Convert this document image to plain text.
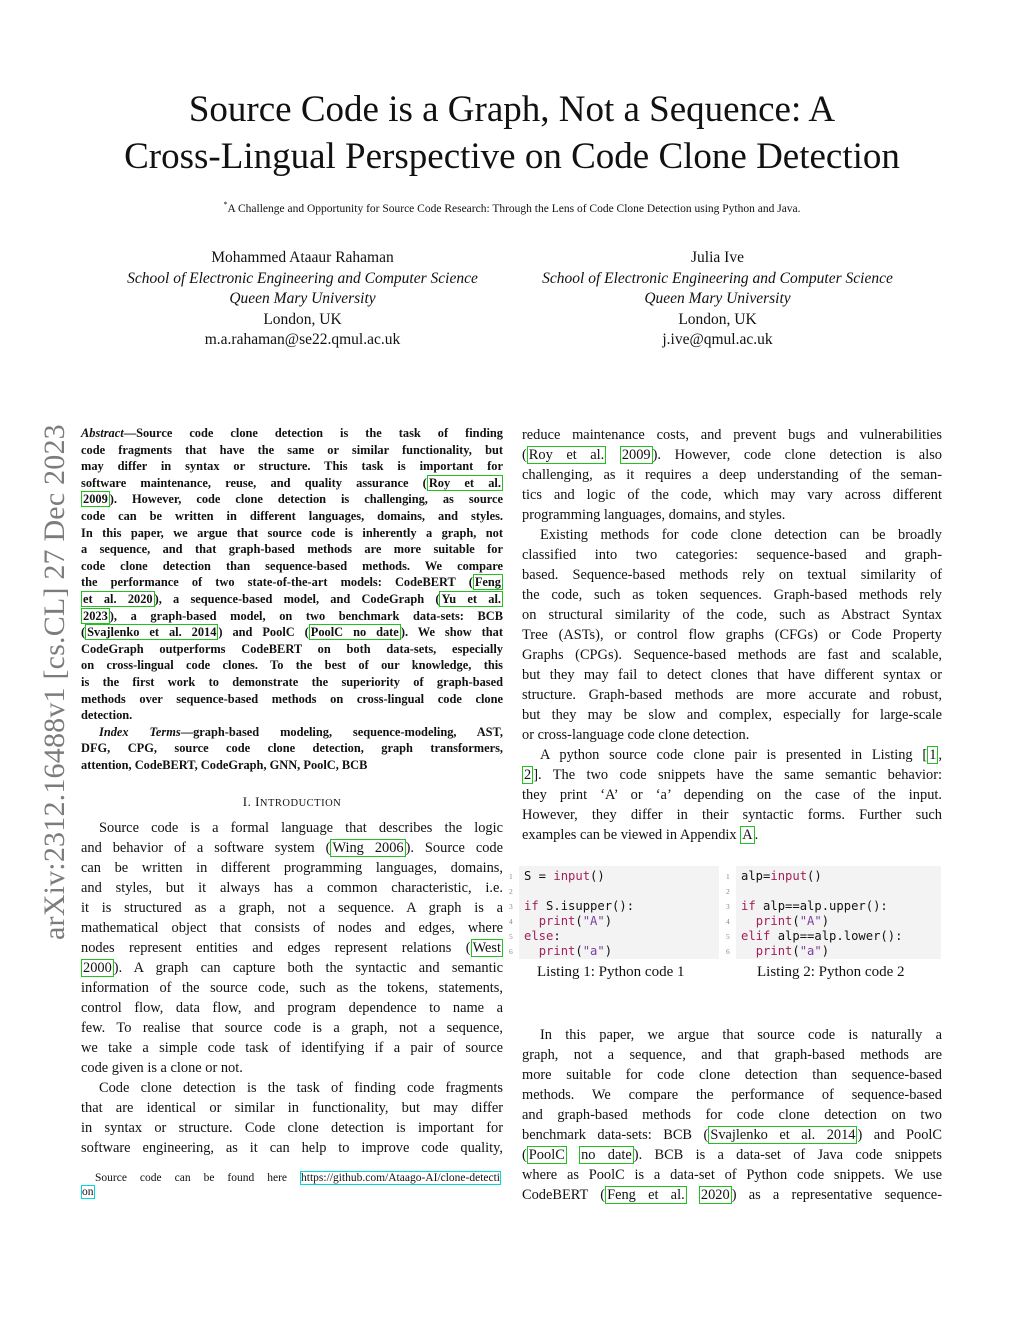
Source Code is a Graph, Not a Sequence: A
Cross-Lingual Perspective on Code Clone Detection
*A Challenge and Opportunity for Source Code Research: Through the Lens of Code Clone Detection using Python and Java.
Mohammed Ataaur Rahaman
School of Electronic Engineering and Computer Science
Queen Mary University
London, UK
m.a.rahaman@se22.qmul.ac.uk
Julia Ive
School of Electronic Engineering and Computer Science
Queen Mary University
London, UK
j.ive@qmul.ac.uk
arXiv:2312.16488v1 [cs.CL] 27 Dec 2023 Abstract—Source code clone detection is the task of finding
code fragments that have the same or similar functionality, but
may differ in syntax or structure. This task is important for
software maintenance, reuse, and quality assurance ( Roy et al.
2009 ). However, code clone detection is challenging, as source
code can be written in different languages, domains, and styles.
In this paper, we argue that source code is inherently a graph, not
a sequence, and that graph-based methods are more suitable for
code clone detection than sequence-based methods. We compare
the performance of two state-of-the-art models: CodeBERT ( Feng
et al. 2020 ), a sequence-based model, and CodeGraph ( Yu et al.
2023 ), a graph-based model, on two benchmark data-sets: BCB
( Svajlenko et al. 2014 ) and PoolC ( PoolC no date ). We show that
CodeGraph outperforms CodeBERT on both data-sets, especially
on cross-lingual code clones. To the best of our knowledge, this
is the first work to demonstrate the superiority of graph-based
methods over sequence-based methods on cross-lingual code clone
detection.
Index Terms—graph-based modeling, sequence-modeling, AST,
DFG, CPG, source code clone detection, graph transformers,
attention, CodeBERT, CodeGraph, GNN, PoolC, BCB
I. INTRODUCTION
Source code is a formal language that describes the logic
and behavior of a software system ( Wing 2006 ). Source code
can be written in different programming languages, domains,
and styles, but it always has a common characteristic, i.e.
it is structured as a graph, not a sequence. A graph is a
mathematical object that consists of nodes and edges, where
nodes represent entities and edges represent relations ( West
2000 ). A graph can capture both the syntactic and semantic
information of the source code, such as the tokens, statements,
control flow, data flow, and program dependence to name a
few. To realise that source code is a graph, not a sequence,
we take a simple code task of identifying if a pair of source
code given is a clone or not.
Code clone detection is the task of finding code fragments
that are identical or similar in functionality, but may differ
in syntax or structure. Code clone detection is important for
software engineering, as it can help to improve code quality,
Source code can be found here https://github.com/Ataago-AI/clone-detecti
on
reduce maintenance costs, and prevent bugs and vulnerabilities
( Roy et al. 2009 ). However, code clone detection is also
challenging, as it requires a deep understanding of the seman-
tics and logic of the code, which may vary across different
programming languages, domains, and styles.
Existing methods for code clone detection can be broadly
classified into two categories: sequence-based and graph-
based. Sequence-based methods rely on textual similarity of
the code, such as token sequences. Graph-based methods rely
on structural similarity of the code, such as Abstract Syntax
Tree (ASTs), or control flow graphs (CFGs) or Code Property
Graphs (CPGs). Sequence-based methods are fast and scalable,
but they may fail to detect clones that have different syntax or
structure. Graph-based methods are more accurate and robust,
but they may be slow and complex, especially for large-scale
or cross-language code clone detection.
A python source code clone pair is presented in Listing [ 1 ,
2 ]. The two code snippets have the same semantic behavior:
they print ‘A’ or ‘a’ depending on the case of the input.
However, they differ in their syntactic forms. Further such
examples can be viewed in Appendix A .
1 S = input()
2
3 if S.isupper():
4	print("A")
5 else:
6	print("a")
1 alp=input()
2
3 if alp==alp.upper():
4	print("A")
5 elif alp==alp.lower():
6	print("a")
Listing 1: Python code 1	Listing 2: Python code 2
In this paper, we argue that source code is naturally a
graph, not a sequence, and that graph-based methods are
more suitable for code clone detection than sequence-based
methods. We compare the performance of sequence-based
and graph-based methods for code clone detection on two
benchmark data-sets: BCB ( Svajlenko et al. 2014 ) and PoolC
( PoolC no date ). BCB is a data-set of Java code snippets
where as PoolC is a data-set of Python code snippets. We use
CodeBERT ( Feng et al. 2020 ) as a representative sequence-
